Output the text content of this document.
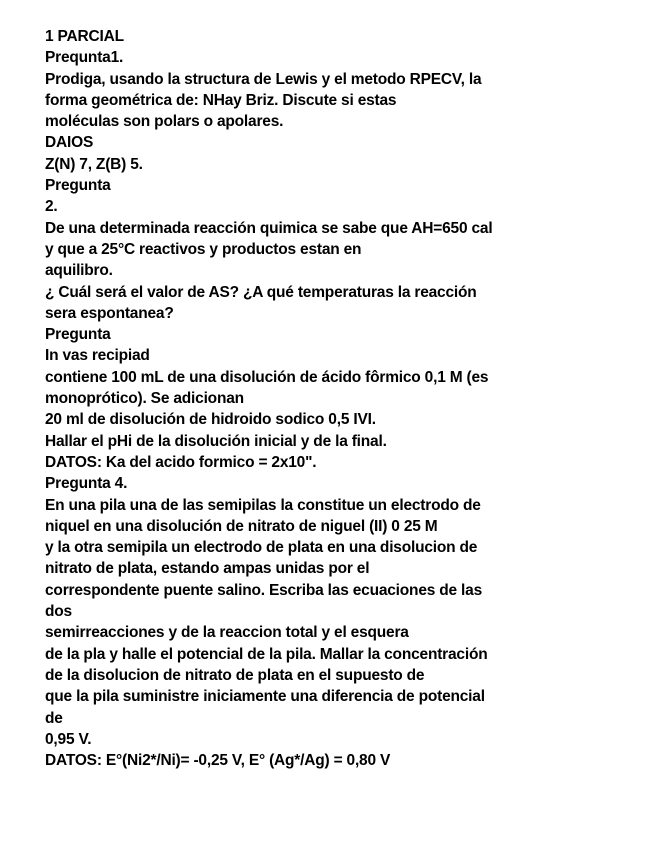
1 PARCIAL
Prequnta1.
Prodiga, usando la structura de Lewis y el metodo RPECV, la
forma geométrica de: NHay Briz. Discute si estas
moléculas son polars o apolares.
DAIOS
Z(N) 7, Z(B) 5.
Pregunta
2.
De una determinada reacción quimica se sabe que AH=650 cal
y que a 25°C reactivos y productos estan en
aquilibro.
¿ Cuál será el valor de AS? ¿A qué temperaturas la reacción
sera espontanea?
Pregunta
In vas recipiad
contiene 100 mL de una disolución de ácido fôrmico 0,1 M (es
monoprótico). Se adicionan
20 ml de disolución de hidroido sodico 0,5 IVI.
Hallar el pHi de la disolución inicial y de la final.
DATOS: Ka del acido formico = 2x10".
Pregunta 4.
En una pila una de las semipilas la constitue un electrodo de
niquel en una disolución de nitrato de niguel (II) 0 25 M
y la otra semipila un electrodo de plata en una disolucion de
nitrato de plata, estando ampas unidas por el
correspondente puente salino. Escriba las ecuaciones de las
dos
semirreacciones y de la reaccion total y el esquera
de la pla y halle el potencial de la pila. Mallar la concentración
de la disolucion de nitrato de plata en el supuesto de
que la pila suministre iniciamente una diferencia de potencial
de
0,95 V.
DATOS: E°(Ni2*/Ni)= -0,25 V, E° (Ag*/Ag) = 0,80 V
